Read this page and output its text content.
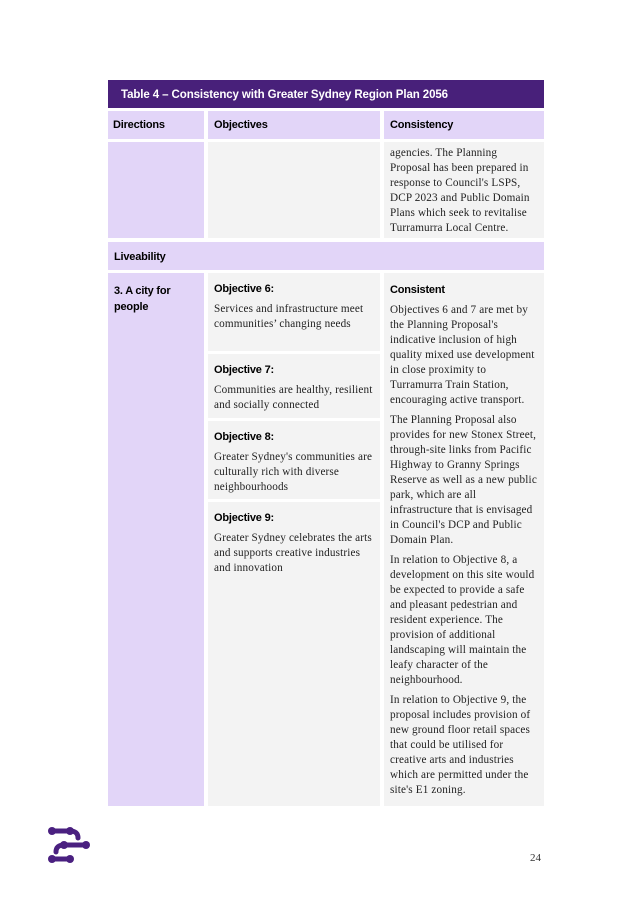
Table 4 – Consistency with Greater Sydney Region Plan 2056
Directions	Objectives	Consistency
agencies. The Planning Proposal has been prepared in response to Council's LSPS, DCP 2023 and Public Domain Plans which seek to revitalise Turramurra Local Centre.
Liveability
3. A city for people
Objective 6:
Services and infrastructure meet communities’ changing needs
Objective 7:
Communities are healthy, resilient and socially connected
Objective 8:
Greater Sydney's communities are culturally rich with diverse neighbourhoods
Objective 9:
Greater Sydney celebrates the arts and supports creative industries and innovation
Consistent

Objectives 6 and 7 are met by the Planning Proposal's indicative inclusion of high quality mixed use development in close proximity to Turramurra Train Station, encouraging active transport.

The Planning Proposal also provides for new Stonex Street, through-site links from Pacific Highway to Granny Springs Reserve as well as a new public park, which are all infrastructure that is envisaged in Council's DCP and Public Domain Plan.

In relation to Objective 8, a development on this site would be expected to provide a safe and pleasant pedestrian and resident experience. The provision of additional landscaping will maintain the leafy character of the neighbourhood.

In relation to Objective 9, the proposal includes provision of new ground floor retail spaces that could be utilised for creative arts and industries which are permitted under the site's E1 zoning.

24
